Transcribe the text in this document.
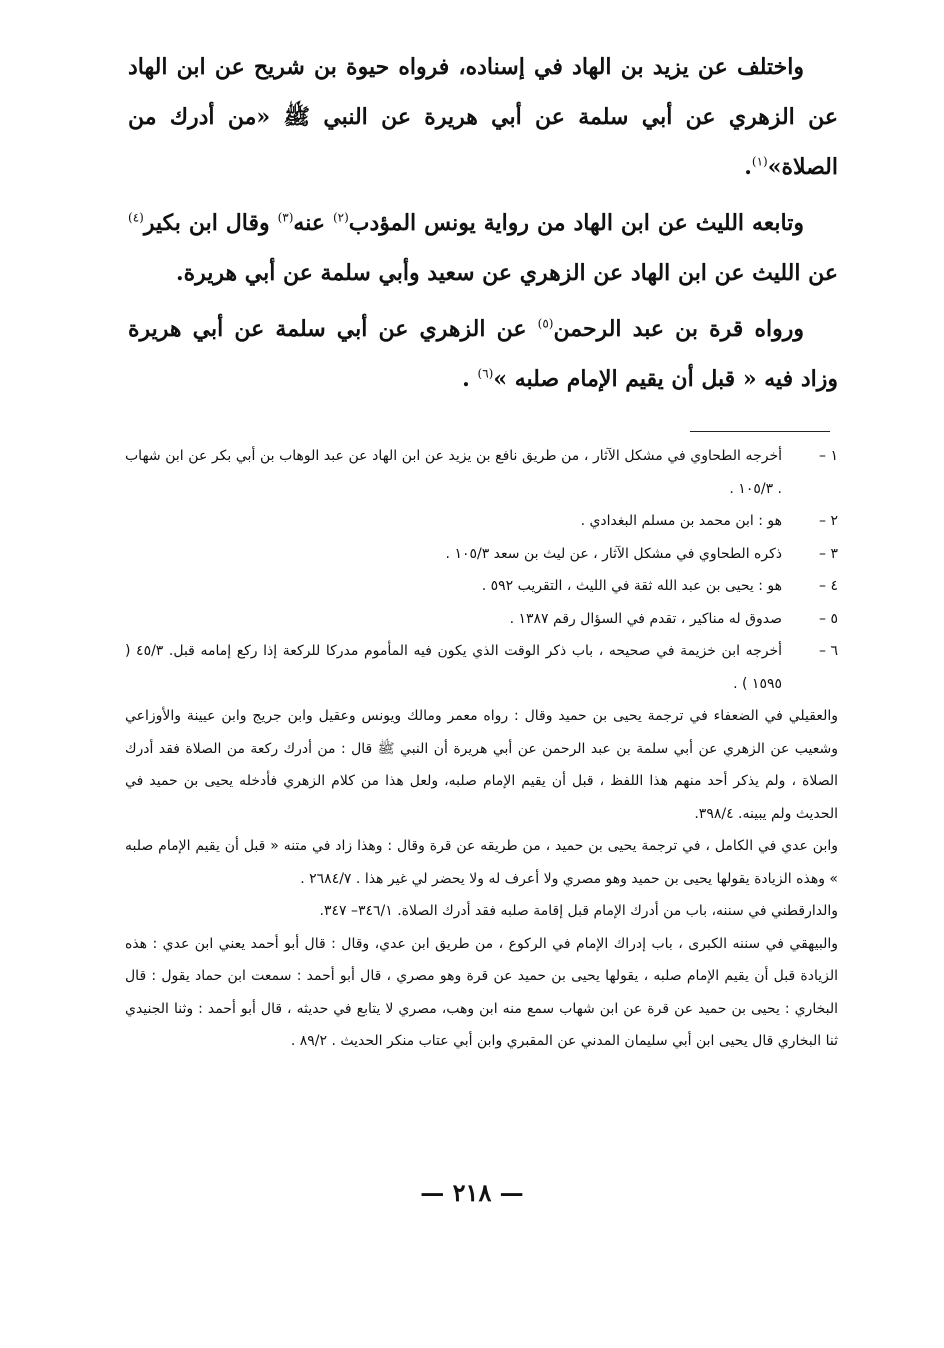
واختلف عن يزيد بن الهاد في إسناده، فرواه حيوة بن شريح عن ابن الهاد عن الزهري عن أبي سلمة عن أبي هريرة عن النبي ﷺ «من أدرك من الصلاة»$^{(١)}$.

وتابعه الليث عن ابن الهاد من رواية يونس المؤدب$^{(٢)}$ عنه$^{(٣)}$ وقال ابن بكير$^{(٤)}$ عن الليث عن ابن الهاد عن الزهري عن سعيد وأبي سلمة عن أبي هريرة.

ورواه قرة بن عبد الرحمن$^{(٥)}$ عن الزهري عن أبي سلمة عن أبي هريرة وزاد فيه « قبل أن يقيم الإمام صلبه »$^{(٦)}$ .

١ –
أخرجه الطحاوي في مشكل الآثار ، من طريق نافع بن يزيد عن ابن الهاد عن عبد الوهاب بن أبي بكر عن ابن شهاب . ١٠٥/٣ .
٢ –
هو : ابن محمد بن مسلم البغدادي .
٣ –
ذكره الطحاوي في مشكل الآثار ، عن ليث بن سعد ١٠٥/٣ .
٤ –
هو : يحيى بن عبد الله ثقة في الليث ، التقريب ٥٩٢ .
٥ –
صدوق له مناكير ، تقدم في السؤال رقم ١٣٨٧ .
٦ –
أخرجه ابن خزيمة في صحيحه ، باب ذكر الوقت الذي يكون فيه المأموم مدركا للركعة إذا ركع إمامه قبل. ٤٥/٣ ( ١٥٩٥ ) .
والعقيلي في الضعفاء في ترجمة يحيى بن حميد وقال : رواه معمر ومالك ويونس وعقيل وابن جريج وابن عيينة والأوزاعي وشعيب عن الزهري عن أبي سلمة بن عبد الرحمن عن أبي هريرة أن النبي ﷺ قال : من أدرك ركعة من الصلاة فقد أدرك الصلاة ، ولم يذكر أحد منهم هذا اللفظ ، قبل أن يقيم الإمام صلبه، ولعل هذا من كلام الزهري فأدخله يحيى بن حميد في الحديث ولم يبينه. ٣٩٨/٤.
وابن عدي في الكامل ، في ترجمة يحيى بن حميد ، من طريقه عن قرة وقال : وهذا زاد في متنه « قبل أن يقيم الإمام صلبه » وهذه الزيادة يقولها يحيى بن حميد وهو مصري ولا أعرف له ولا يحضر لي غير هذا . ٢٦٨٤/٧ .
والدارقطني في سننه، باب من أدرك الإمام قبل إقامة صلبه فقد أدرك الصلاة. ٣٤٦/١– ٣٤٧.
والبيهقي في سننه الكبرى ، باب إدراك الإمام في الركوع ، من طريق ابن عدي، وقال : قال أبو أحمد يعني ابن عدي : هذه الزيادة قبل أن يقيم الإمام صلبه ، يقولها يحيى بن حميد عن قرة وهو مصري ، قال أبو أحمد : سمعت ابن حماد يقول : قال البخاري : يحيى بن حميد عن قرة عن ابن شهاب سمع منه ابن وهب، مصري لا يتابع في حديثه ، قال أبو أحمد : وثنا الجنيدي ثنا البخاري قال يحيى ابن أبي سليمان المدني عن المقبري وابن أبي عتاب منكر الحديث . ٨٩/٢ .
— ٢١٨ —
